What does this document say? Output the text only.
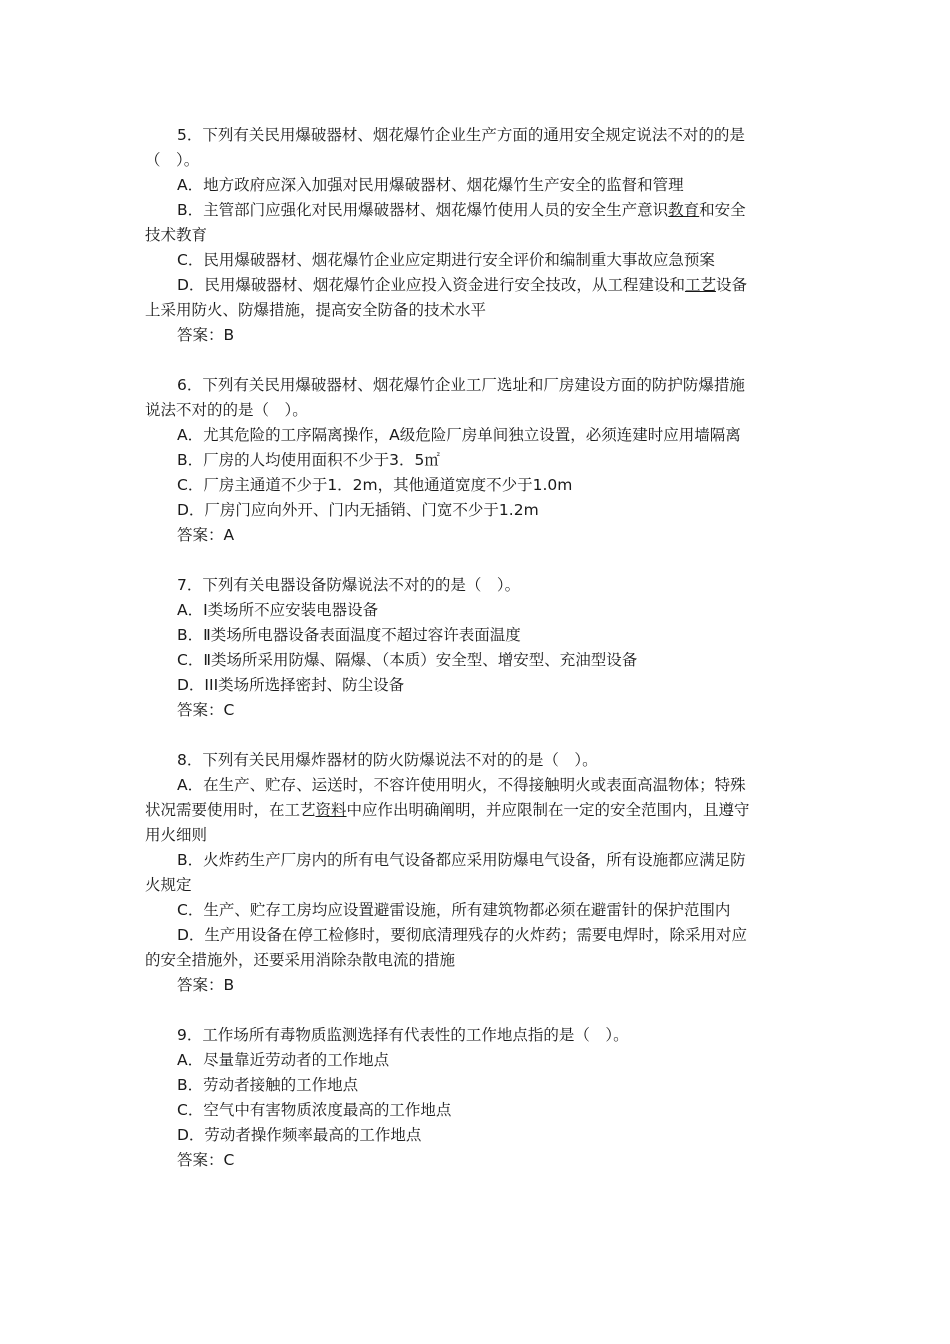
5．下列有关民用爆破器材、烟花爆竹企业生产方面的通用安全规定说法不对的的是
（　）。
A．地方政府应深入加强对民用爆破器材、烟花爆竹生产安全的监督和管理
B．主管部门应强化对民用爆破器材、烟花爆竹使用人员的安全生产意识教育和安全
技术教育
C．民用爆破器材、烟花爆竹企业应定期进行安全评价和编制重大事故应急预案
D．民用爆破器材、烟花爆竹企业应投入资金进行安全技改，从工程建设和工艺设备
上采用防火、防爆措施，提高安全防备的技术水平
答案：B
6．下列有关民用爆破器材、烟花爆竹企业工厂选址和厂房建设方面的防护防爆措施
说法不对的的是（　）。
A．尤其危险的工序隔离操作，A级危险厂房单间独立设置，必须连建时应用墙隔离
B．厂房的人均使用面积不少于3．5㎡
C．厂房主通道不少于1．2m，其他通道宽度不少于1.0m
D．厂房门应向外开、门内无插销、门宽不少于1.2m
答案：A
7．下列有关电器设备防爆说法不对的的是（　）。
A．I类场所不应安装电器设备
B．Ⅱ类场所电器设备表面温度不超过容许表面温度
C．Ⅱ类场所采用防爆、隔爆、（本质）安全型、增安型、充油型设备
D．III类场所选择密封、防尘设备
答案：C
8．下列有关民用爆炸器材的防火防爆说法不对的的是（　）。
A．在生产、贮存、运送时，不容许使用明火，不得接触明火或表面高温物体；特殊
状况需要使用时，在工艺资料中应作出明确阐明，并应限制在一定的安全范围内，且遵守
用火细则
B．火炸药生产厂房内的所有电气设备都应采用防爆电气设备，所有设施都应满足防
火规定
C．生产、贮存工房均应设置避雷设施，所有建筑物都必须在避雷针的保护范围内
D．生产用设备在停工检修时，要彻底清理残存的火炸药；需要电焊时，除采用对应
的安全措施外，还要采用消除杂散电流的措施
答案：B
9．工作场所有毒物质监测选择有代表性的工作地点指的是（　）。
A．尽量靠近劳动者的工作地点
B．劳动者接触的工作地点
C．空气中有害物质浓度最高的工作地点
D．劳动者操作频率最高的工作地点
答案：C
